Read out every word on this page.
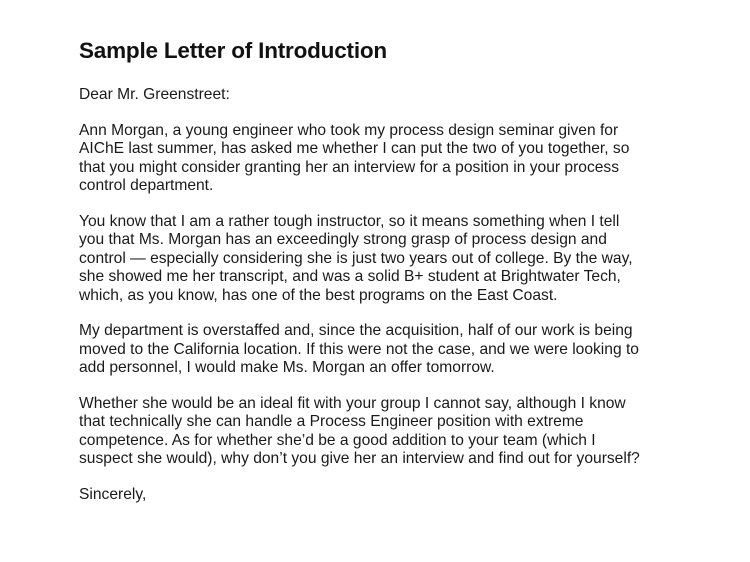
Sample Letter of Introduction

Dear Mr. Greenstreet:

Ann Morgan, a young engineer who took my process design seminar given for
AIChE last summer, has asked me whether I can put the two of you together, so
that you might consider granting her an interview for a position in your process
control department.

You know that I am a rather tough instructor, so it means something when I tell
you that Ms. Morgan has an exceedingly strong grasp of process design and
control — especially considering she is just two years out of college. By the way,
she showed me her transcript, and was a solid B+ student at Brightwater Tech,
which, as you know, has one of the best programs on the East Coast.

My department is overstaffed and, since the acquisition, half of our work is being
moved to the California location. If this were not the case, and we were looking to
add personnel, I would make Ms. Morgan an offer tomorrow.

Whether she would be an ideal fit with your group I cannot say, although I know
that technically she can handle a Process Engineer position with extreme
competence. As for whether she’d be a good addition to your team (which I
suspect she would), why don’t you give her an interview and find out for yourself?

Sincerely,
